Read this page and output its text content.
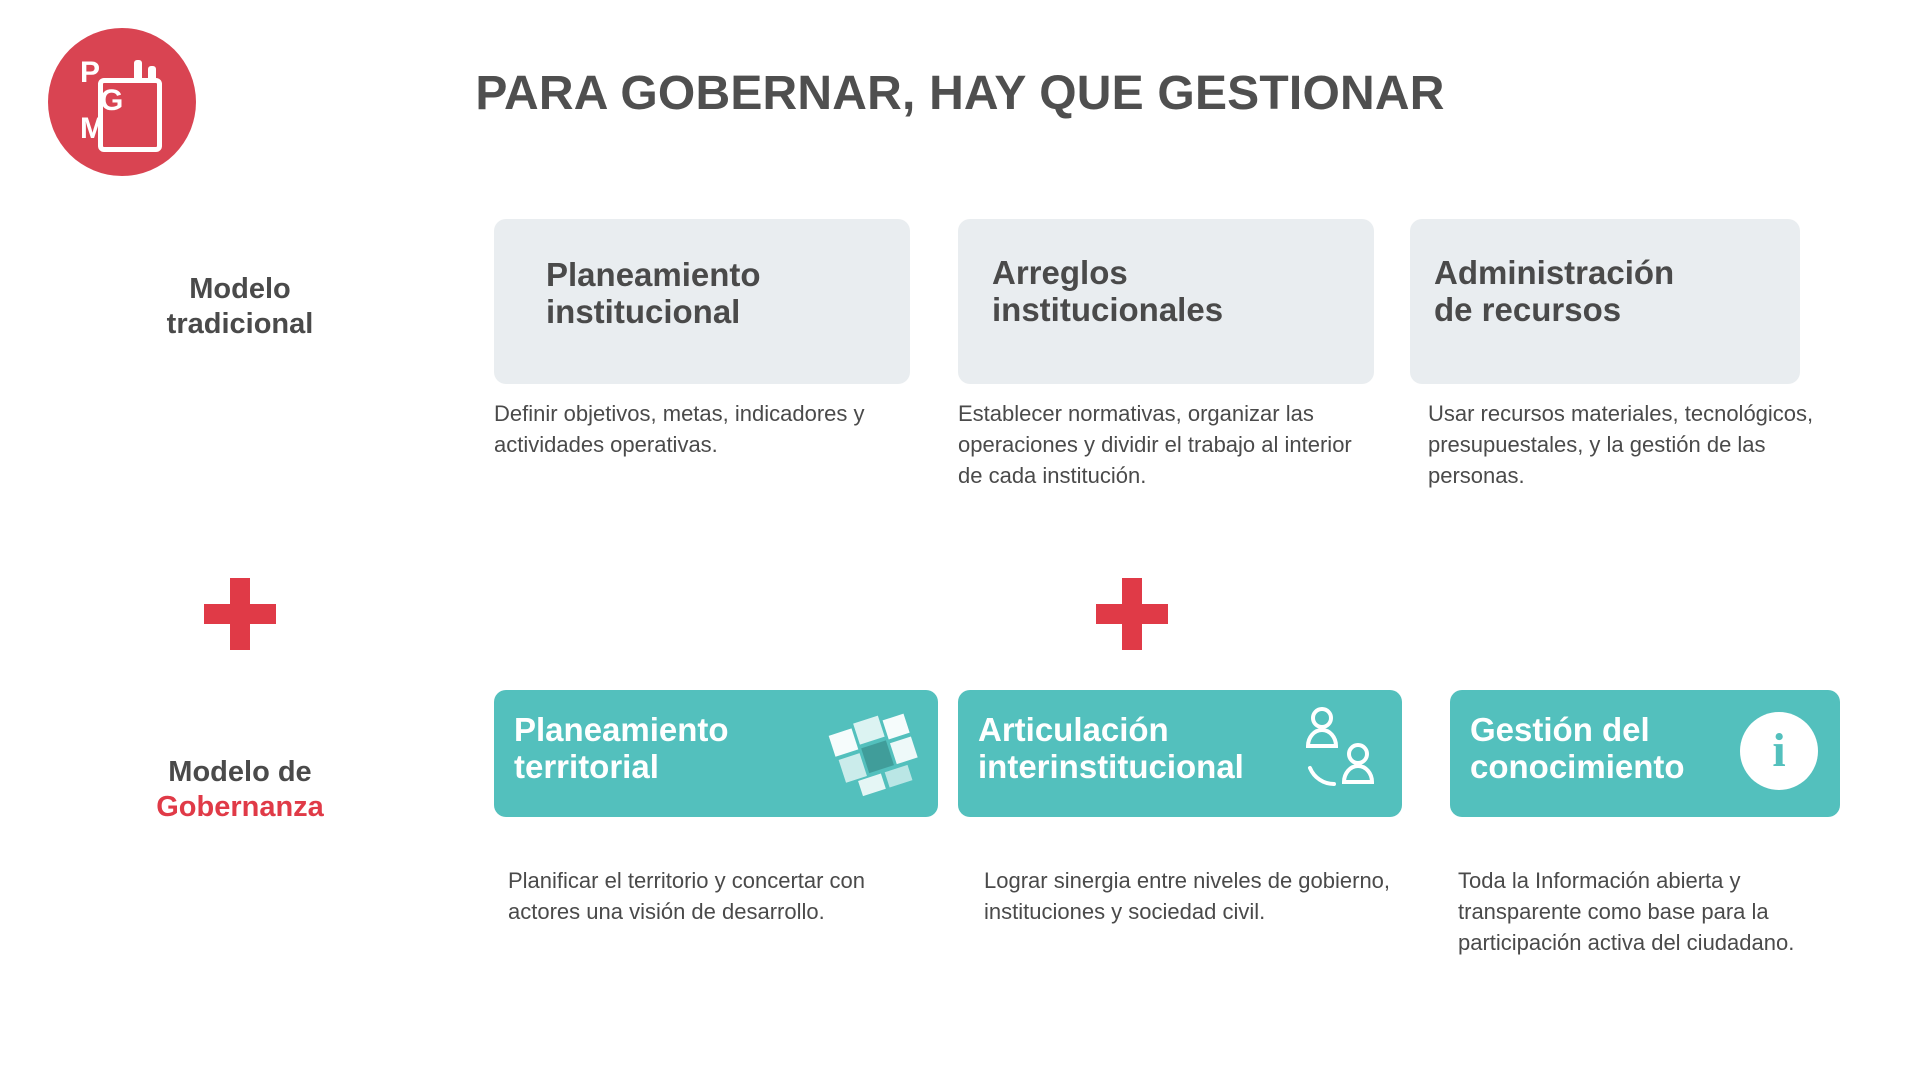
P
G
M
PARA GOBERNAR, HAY QUE GESTIONAR
Modelo
tradicional
Planeamiento
institucional
Definir objetivos, metas, indicadores y actividades operativas.
Arreglos
institucionales
Establecer normativas, organizar las operaciones y dividir el trabajo al interior de cada institución.
Administración
de recursos
Usar recursos materiales, tecnológicos, presupuestales, y la gestión de las personas.
Modelo de
Gobernanza
Planeamiento
territorial
Planificar el territorio y concertar con actores una visión de desarrollo.
Articulación
interinstitucional
Lograr sinergia entre niveles de gobierno, instituciones y sociedad civil.
Gestión del
conocimiento i
Toda la Información abierta y transparente como base para la participación activa del ciudadano.
